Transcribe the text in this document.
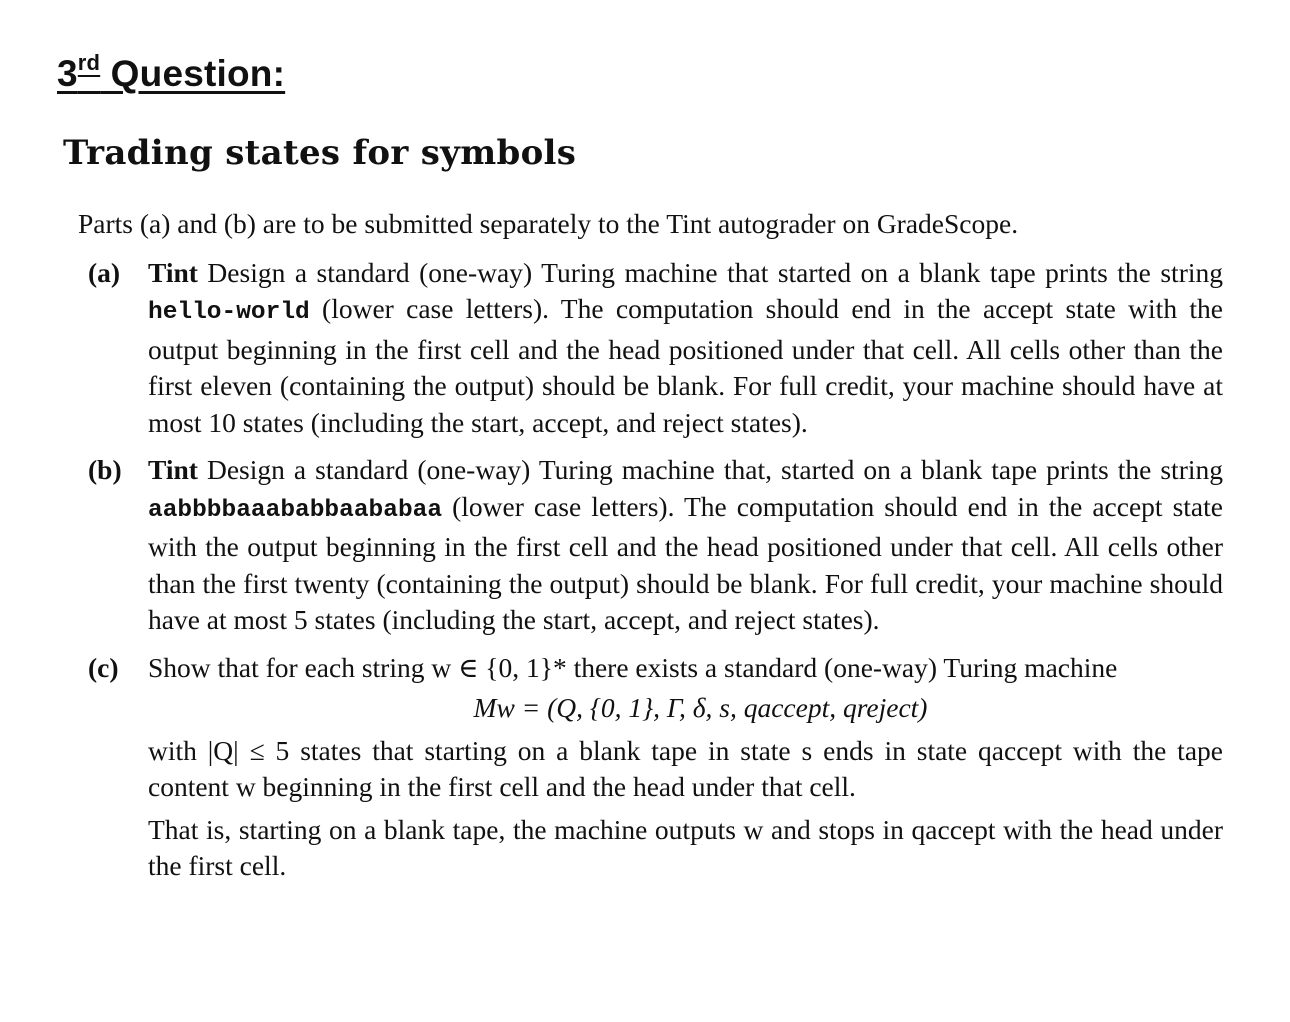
3rd Question:
Trading states for symbols

Parts (a) and (b) are to be submitted separately to the Tint autograder on GradeScope.

(a) Tint Design a standard (one-way) Turing machine that started on a blank tape prints the string hello-world (lower case letters). The computation should end in the accept state with the output beginning in the first cell and the head positioned under that cell. All cells other than the first eleven (containing the output) should be blank. For full credit, your machine should have at most 10 states (including the start, accept, and reject states).
(b) Tint Design a standard (one-way) Turing machine that, started on a blank tape prints the string aabbbbaaababbaababaa (lower case letters). The computation should end in the accept state with the output beginning in the first cell and the head positioned under that cell. All cells other than the first twenty (containing the output) should be blank. For full credit, your machine should have at most 5 states (including the start, accept, and reject states).
(c) Show that for each string w ∈ {0, 1}* there exists a standard (one-way) Turing machine
Mw = (Q, {0, 1}, Γ, δ, s, qaccept, qreject)
with |Q| ≤ 5 states that starting on a blank tape in state s ends in state qaccept with the tape content w beginning in the first cell and the head under that cell.
That is, starting on a blank tape, the machine outputs w and stops in qaccept with the head under the first cell.
